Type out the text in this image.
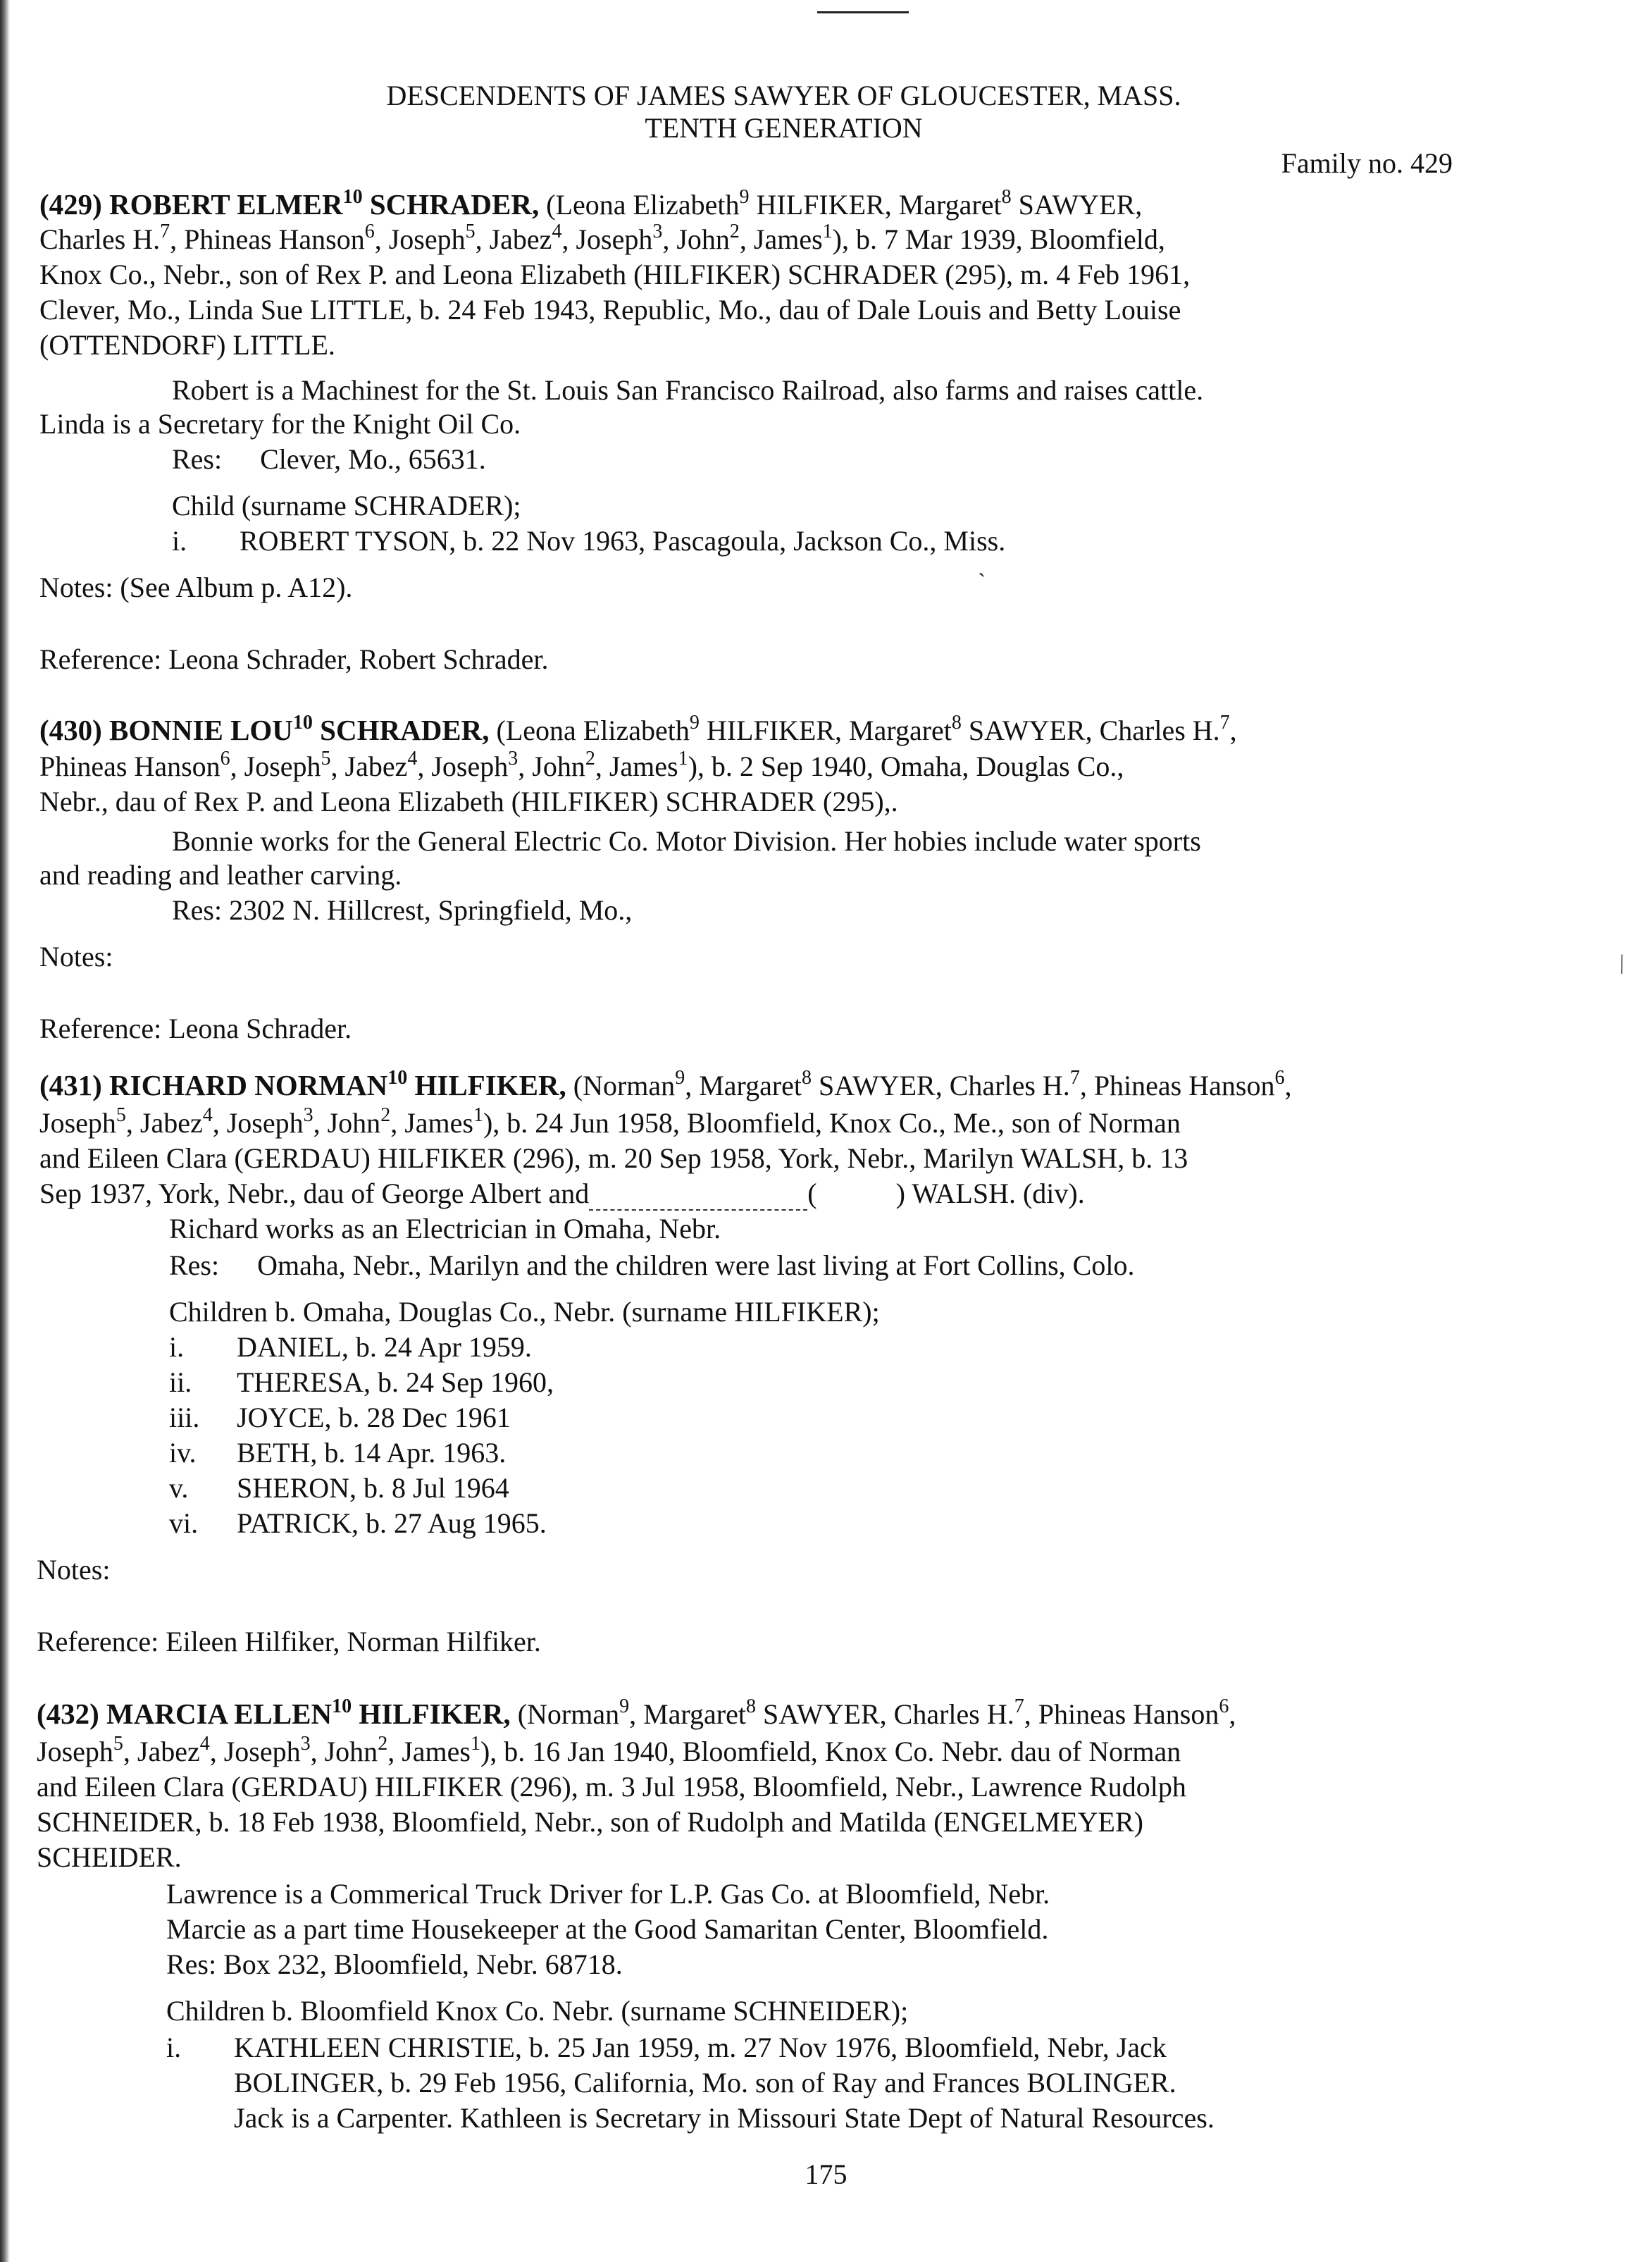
DESCENDENTS OF JAMES SAWYER OF GLOUCESTER, MASS.
TENTH GENERATION
Family no. 429
(429) ROBERT ELMER$^{10}$ SCHRADER, (Leona Elizabeth$^9$ HILFIKER, Margaret$^8$ SAWYER,
Charles H.$^7$, Phineas Hanson$^6$, Joseph$^5$, Jabez$^4$, Joseph$^3$, John$^2$, James$^1$), b. 7 Mar 1939, Bloomfield,
Knox Co., Nebr., son of Rex P. and Leona Elizabeth (HILFIKER) SCHRADER (295), m. 4 Feb 1961,
Clever, Mo., Linda Sue LITTLE, b. 24 Feb 1943, Republic, Mo., dau of Dale Louis and Betty Louise
(OTTENDORF) LITTLE.
Robert is a Machinest for the St. Louis San Francisco Railroad, also farms and raises cattle.
Linda is a Secretary for the Knight Oil Co.
Res: Clever, Mo., 65631.
Child (surname SCHRADER);
i. ROBERT TYSON, b. 22 Nov 1963, Pascagoula, Jackson Co., Miss.
Notes: (See Album p. A12).
Reference: Leona Schrader, Robert Schrader.
(430) BONNIE LOU$^{10}$ SCHRADER, (Leona Elizabeth$^9$ HILFIKER, Margaret$^8$ SAWYER, Charles H.$^7$,
Phineas Hanson$^6$, Joseph$^5$, Jabez$^4$, Joseph$^3$, John$^2$, James$^1$), b. 2 Sep 1940, Omaha, Douglas Co.,
Nebr., dau of Rex P. and Leona Elizabeth (HILFIKER) SCHRADER (295),.
Bonnie works for the General Electric Co. Motor Division. Her hobies include water sports
and reading and leather carving.
Res: 2302 N. Hillcrest, Springfield, Mo.,
Notes:
Reference: Leona Schrader.
(431) RICHARD NORMAN$^{10}$ HILFIKER, (Norman$^9$, Margaret$^8$ SAWYER, Charles H.$^7$, Phineas Hanson$^6$,
Joseph$^5$, Jabez$^4$, Joseph$^3$, John$^2$, James$^1$), b. 24 Jun 1958, Bloomfield, Knox Co., Me., son of Norman
and Eileen Clara (GERDAU) HILFIKER (296), m. 20 Sep 1958, York, Nebr., Marilyn WALSH, b. 13
Sep 1937, York, Nebr., dau of George Albert and	(	) WALSH. (div).
Richard works as an Electrician in Omaha, Nebr.
Res: Omaha, Nebr., Marilyn and the children were last living at Fort Collins, Colo.
Children b. Omaha, Douglas Co., Nebr. (surname HILFIKER);
i. DANIEL, b. 24 Apr 1959.
ii. THERESA, b. 24 Sep 1960,
iii. JOYCE, b. 28 Dec 1961
iv. BETH, b. 14 Apr. 1963.
v. SHERON, b. 8 Jul 1964
vi. PATRICK, b. 27 Aug 1965.
Notes:
Reference: Eileen Hilfiker, Norman Hilfiker.
(432) MARCIA ELLEN$^{10}$ HILFIKER, (Norman$^9$, Margaret$^8$ SAWYER, Charles H.$^7$, Phineas Hanson$^6$,
Joseph$^5$, Jabez$^4$, Joseph$^3$, John$^2$, James$^1$), b. 16 Jan 1940, Bloomfield, Knox Co. Nebr. dau of Norman
and Eileen Clara (GERDAU) HILFIKER (296), m. 3 Jul 1958, Bloomfield, Nebr., Lawrence Rudolph
SCHNEIDER, b. 18 Feb 1938, Bloomfield, Nebr., son of Rudolph and Matilda (ENGELMEYER)
SCHEIDER.
Lawrence is a Commerical Truck Driver for L.P. Gas Co. at Bloomfield, Nebr.
Marcie as a part time Housekeeper at the Good Samaritan Center, Bloomfield.
Res: Box 232, Bloomfield, Nebr. 68718.
Children b. Bloomfield Knox Co. Nebr. (surname SCHNEIDER);
i. KATHLEEN CHRISTIE, b. 25 Jan 1959, m. 27 Nov 1976, Bloomfield, Nebr, Jack
BOLINGER, b. 29 Feb 1956, California, Mo. son of Ray and Frances BOLINGER.
Jack is a Carpenter. Kathleen is Secretary in Missouri State Dept of Natural Resources.
175
ˋ
⁄
